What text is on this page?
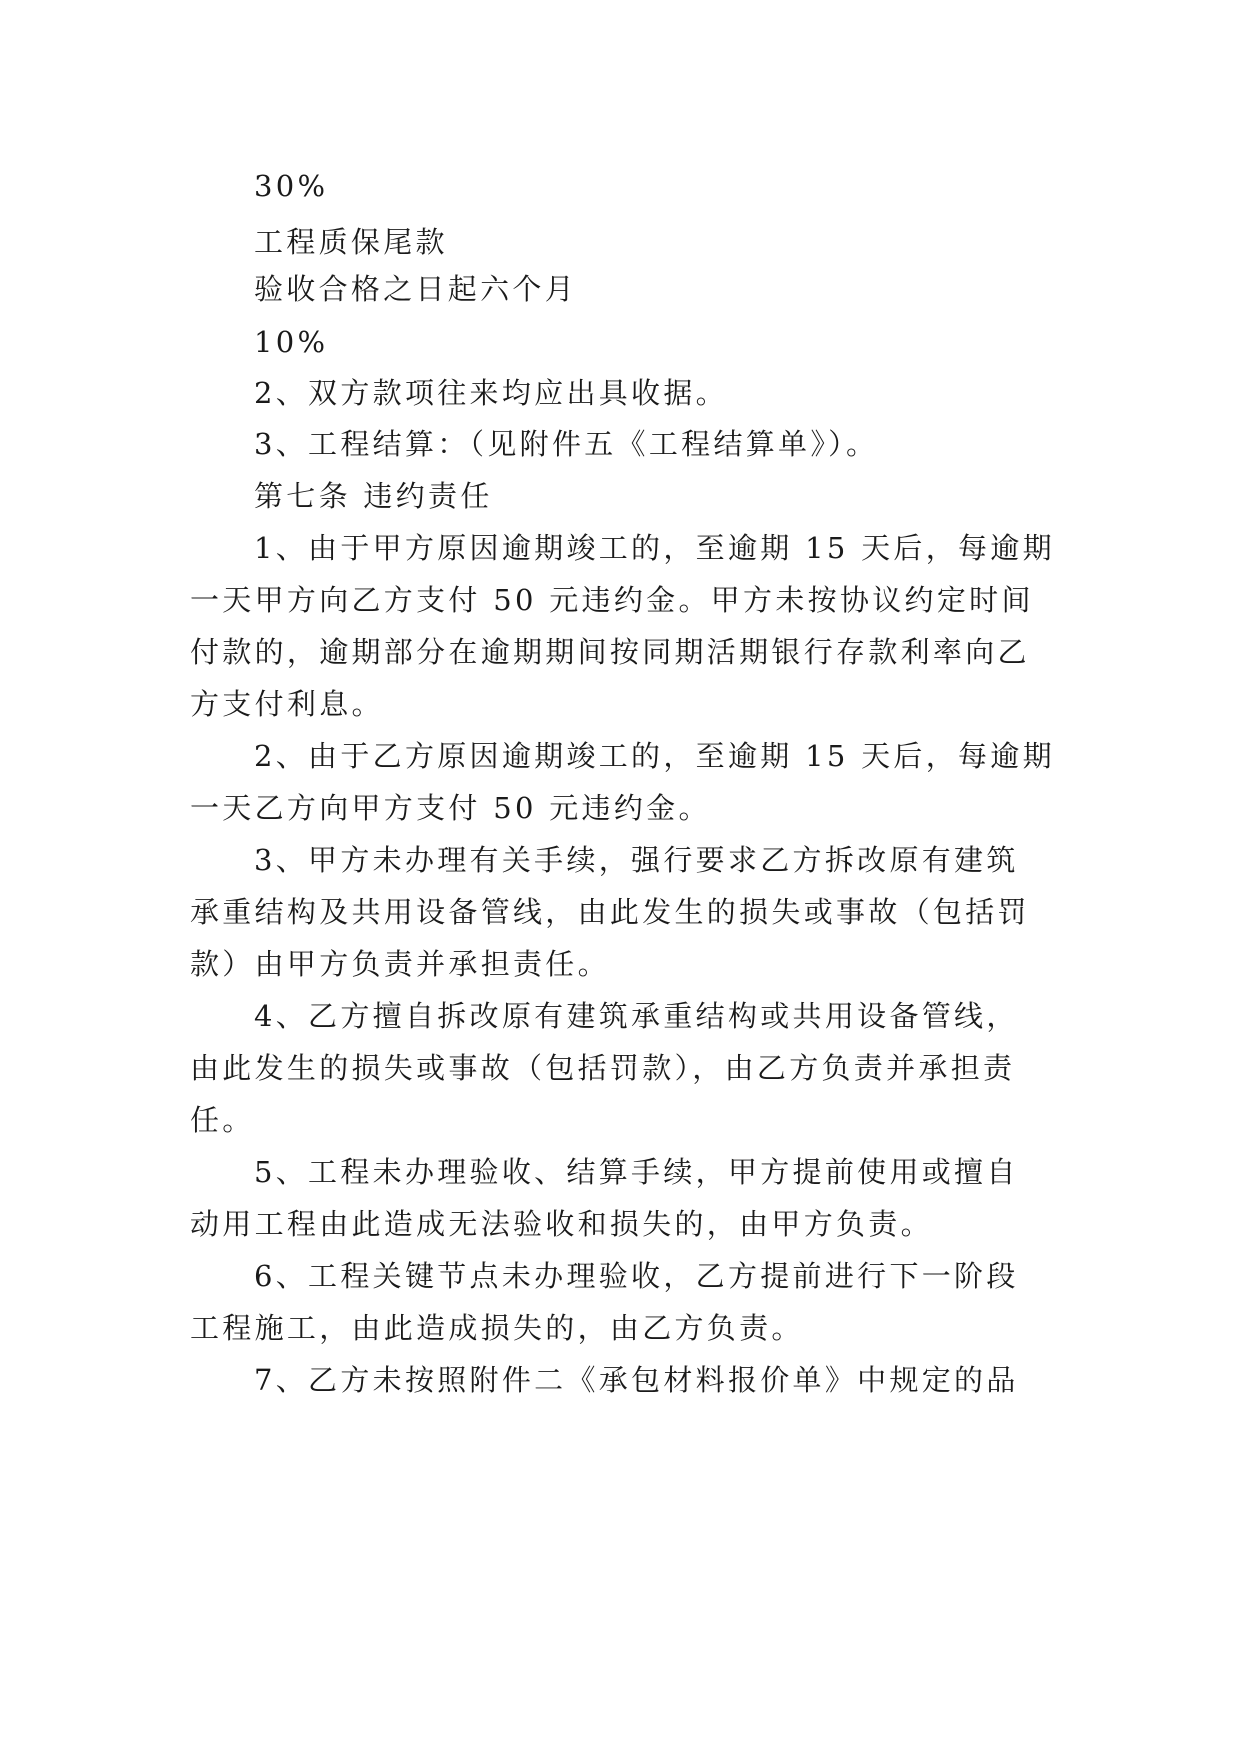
30%
工程质保尾款
验收合格之日起六个月
10%
2、双方款项往来均应出具收据。
3、工程结算：（见附件五《工程结算单》）。
第七条 违约责任
1、由于甲方原因逾期竣工的，至逾期 15 天后，每逾期
一天甲方向乙方支付 50 元违约金。甲方未按协议约定时间
付款的，逾期部分在逾期期间按同期活期银行存款利率向乙
方支付利息。
2、由于乙方原因逾期竣工的，至逾期 15 天后，每逾期
一天乙方向甲方支付 50 元违约金。
3、甲方未办理有关手续，强行要求乙方拆改原有建筑
承重结构及共用设备管线，由此发生的损失或事故（包括罚
款）由甲方负责并承担责任。
4、乙方擅自拆改原有建筑承重结构或共用设备管线，
由此发生的损失或事故（包括罚款），由乙方负责并承担责
任。
5、工程未办理验收、结算手续，甲方提前使用或擅自
动用工程由此造成无法验收和损失的，由甲方负责。
6、工程关键节点未办理验收，乙方提前进行下一阶段
工程施工，由此造成损失的，由乙方负责。
7、乙方未按照附件二《承包材料报价单》中规定的品
